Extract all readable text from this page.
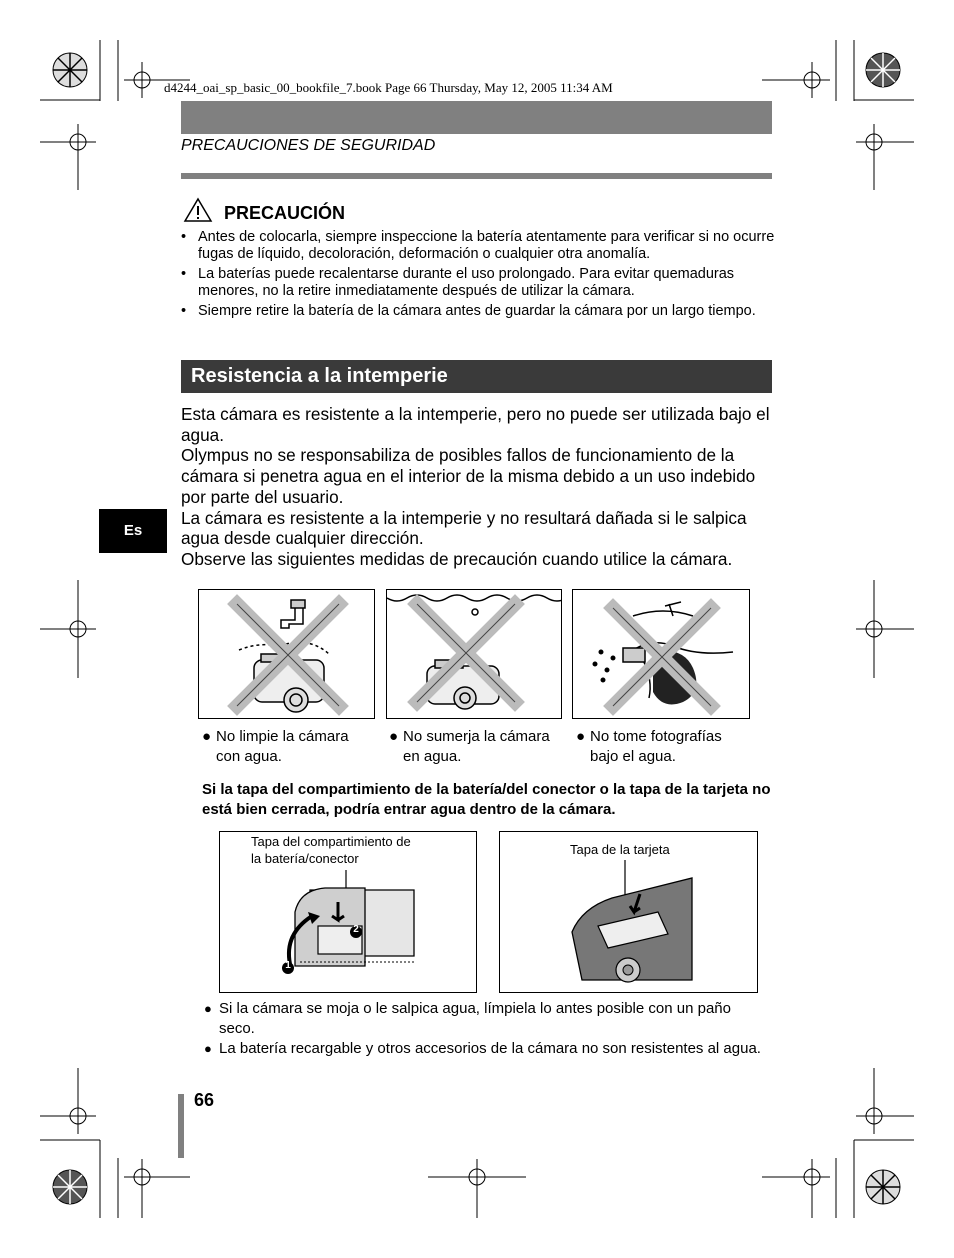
d4244_oai_sp_basic_00_bookfile_7.book Page 66 Thursday, May 12, 2005 11:34 AM
PRECAUCIONES DE SEGURIDAD
PRECAUCIÓN
• Antes de colocarla, siempre inspeccione la batería atentamente para verificar si no ocurre fugas de líquido, decoloración, deformación o cualquier otra anomalía.
• La baterías puede recalentarse durante el uso prolongado. Para evitar quemaduras menores, no la retire inmediatamente después de utilizar la cámara.
• Siempre retire la batería de la cámara antes de guardar la cámara por un largo tiempo.
Resistencia a la intemperie

Esta cámara es resistente a la intemperie, pero no puede ser utilizada bajo el agua.

Olympus no se responsabiliza de posibles fallos de funcionamiento de la cámara si penetra agua en el interior de la misma debido a un uso indebido por parte del usuario.

La cámara es resistente a la intemperie y no resultará dañada si le salpica agua desde cualquier dirección.

Observe las siguientes medidas de precaución cuando utilice la cámara.

Es
● No limpie la cámara
con agua.
● No sumerja la cámara
en agua.
● No tome fotografías
bajo el agua.
Si la tapa del compartimiento de la batería/del conector o la tapa de la tarjeta no está bien cerrada, podría entrar agua dentro de la cámara.
Tapa del compartimiento de
la batería/conector
2
1
Tapa de la tarjeta
● Si la cámara se moja o le salpica agua, límpiela lo antes posible con un paño seco.
● La batería recargable y otros accesorios de la cámara no son resistentes al agua.
66
